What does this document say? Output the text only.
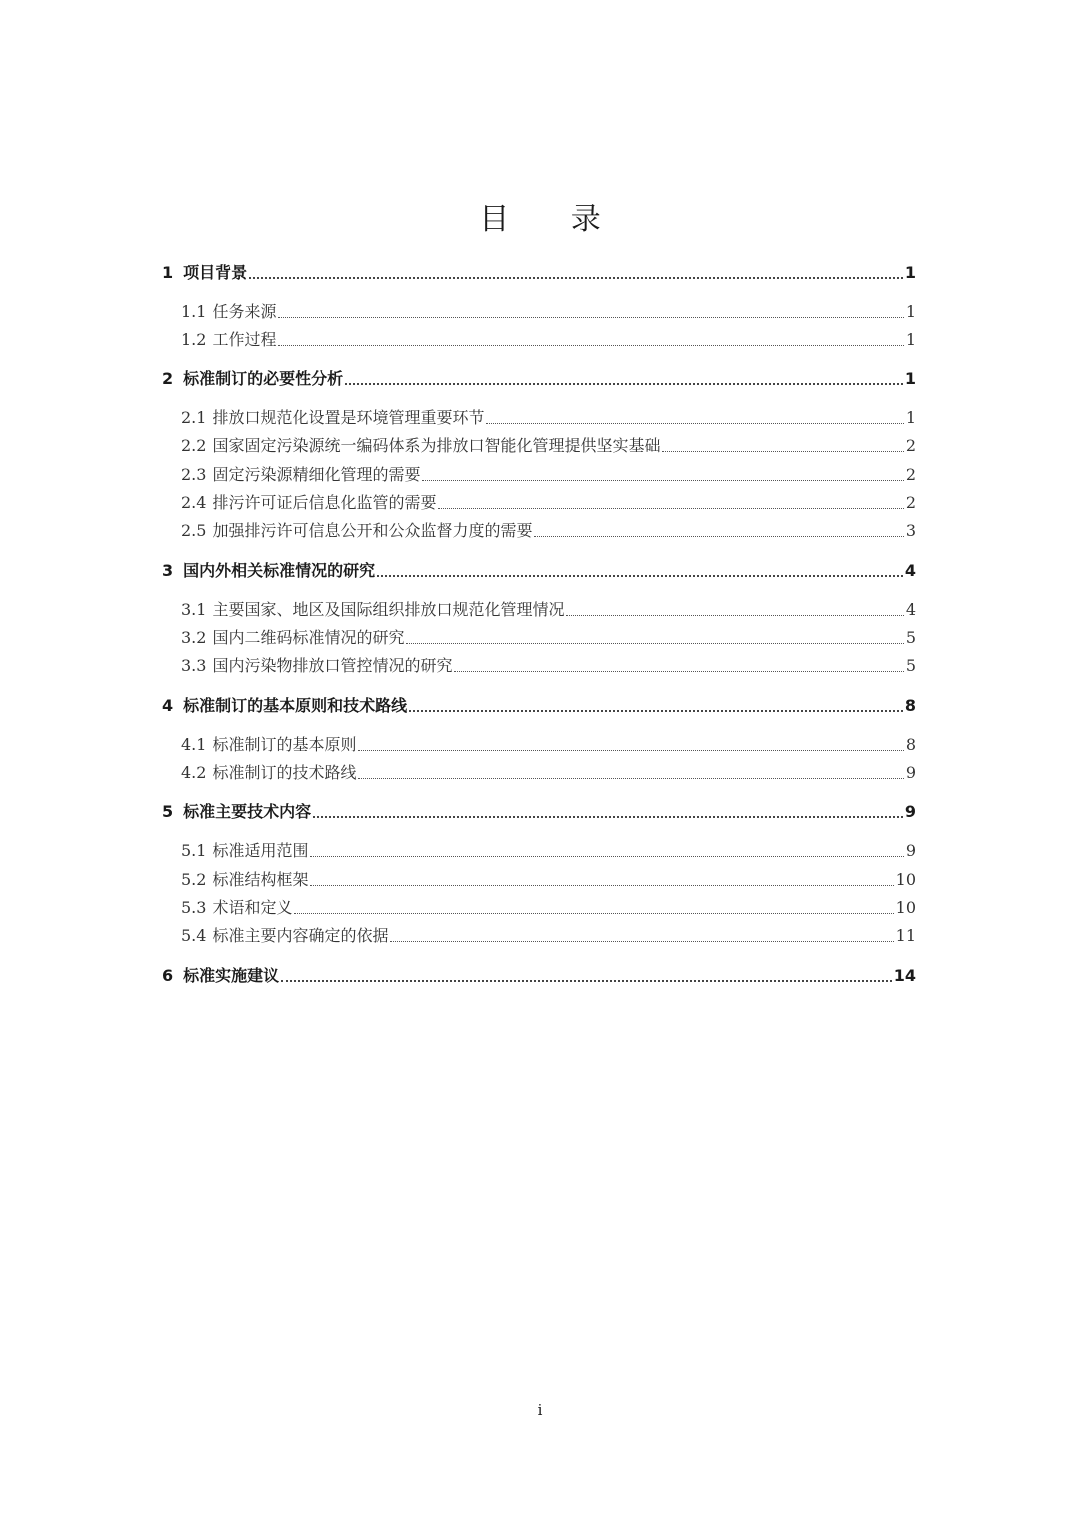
目 录
1 项目背景	1
1.1 任务来源	1
1.2 工作过程	1
2 标准制订的必要性分析	1
2.1 排放口规范化设置是环境管理重要环节	1
2.2 国家固定污染源统一编码体系为排放口智能化管理提供坚实基础	2
2.3 固定污染源精细化管理的需要	2
2.4 排污许可证后信息化监管的需要	2
2.5 加强排污许可信息公开和公众监督力度的需要	3
3 国内外相关标准情况的研究	4
3.1 主要国家、地区及国际组织排放口规范化管理情况	4
3.2 国内二维码标准情况的研究	5
3.3 国内污染物排放口管控情况的研究	5
4 标准制订的基本原则和技术路线	8
4.1 标准制订的基本原则	8
4.2 标准制订的技术路线	9
5 标准主要技术内容	9
5.1 标准适用范围	9
5.2 标准结构框架	10
5.3 术语和定义	10
5.4 标准主要内容确定的依据	11
6 标准实施建议	14
i
